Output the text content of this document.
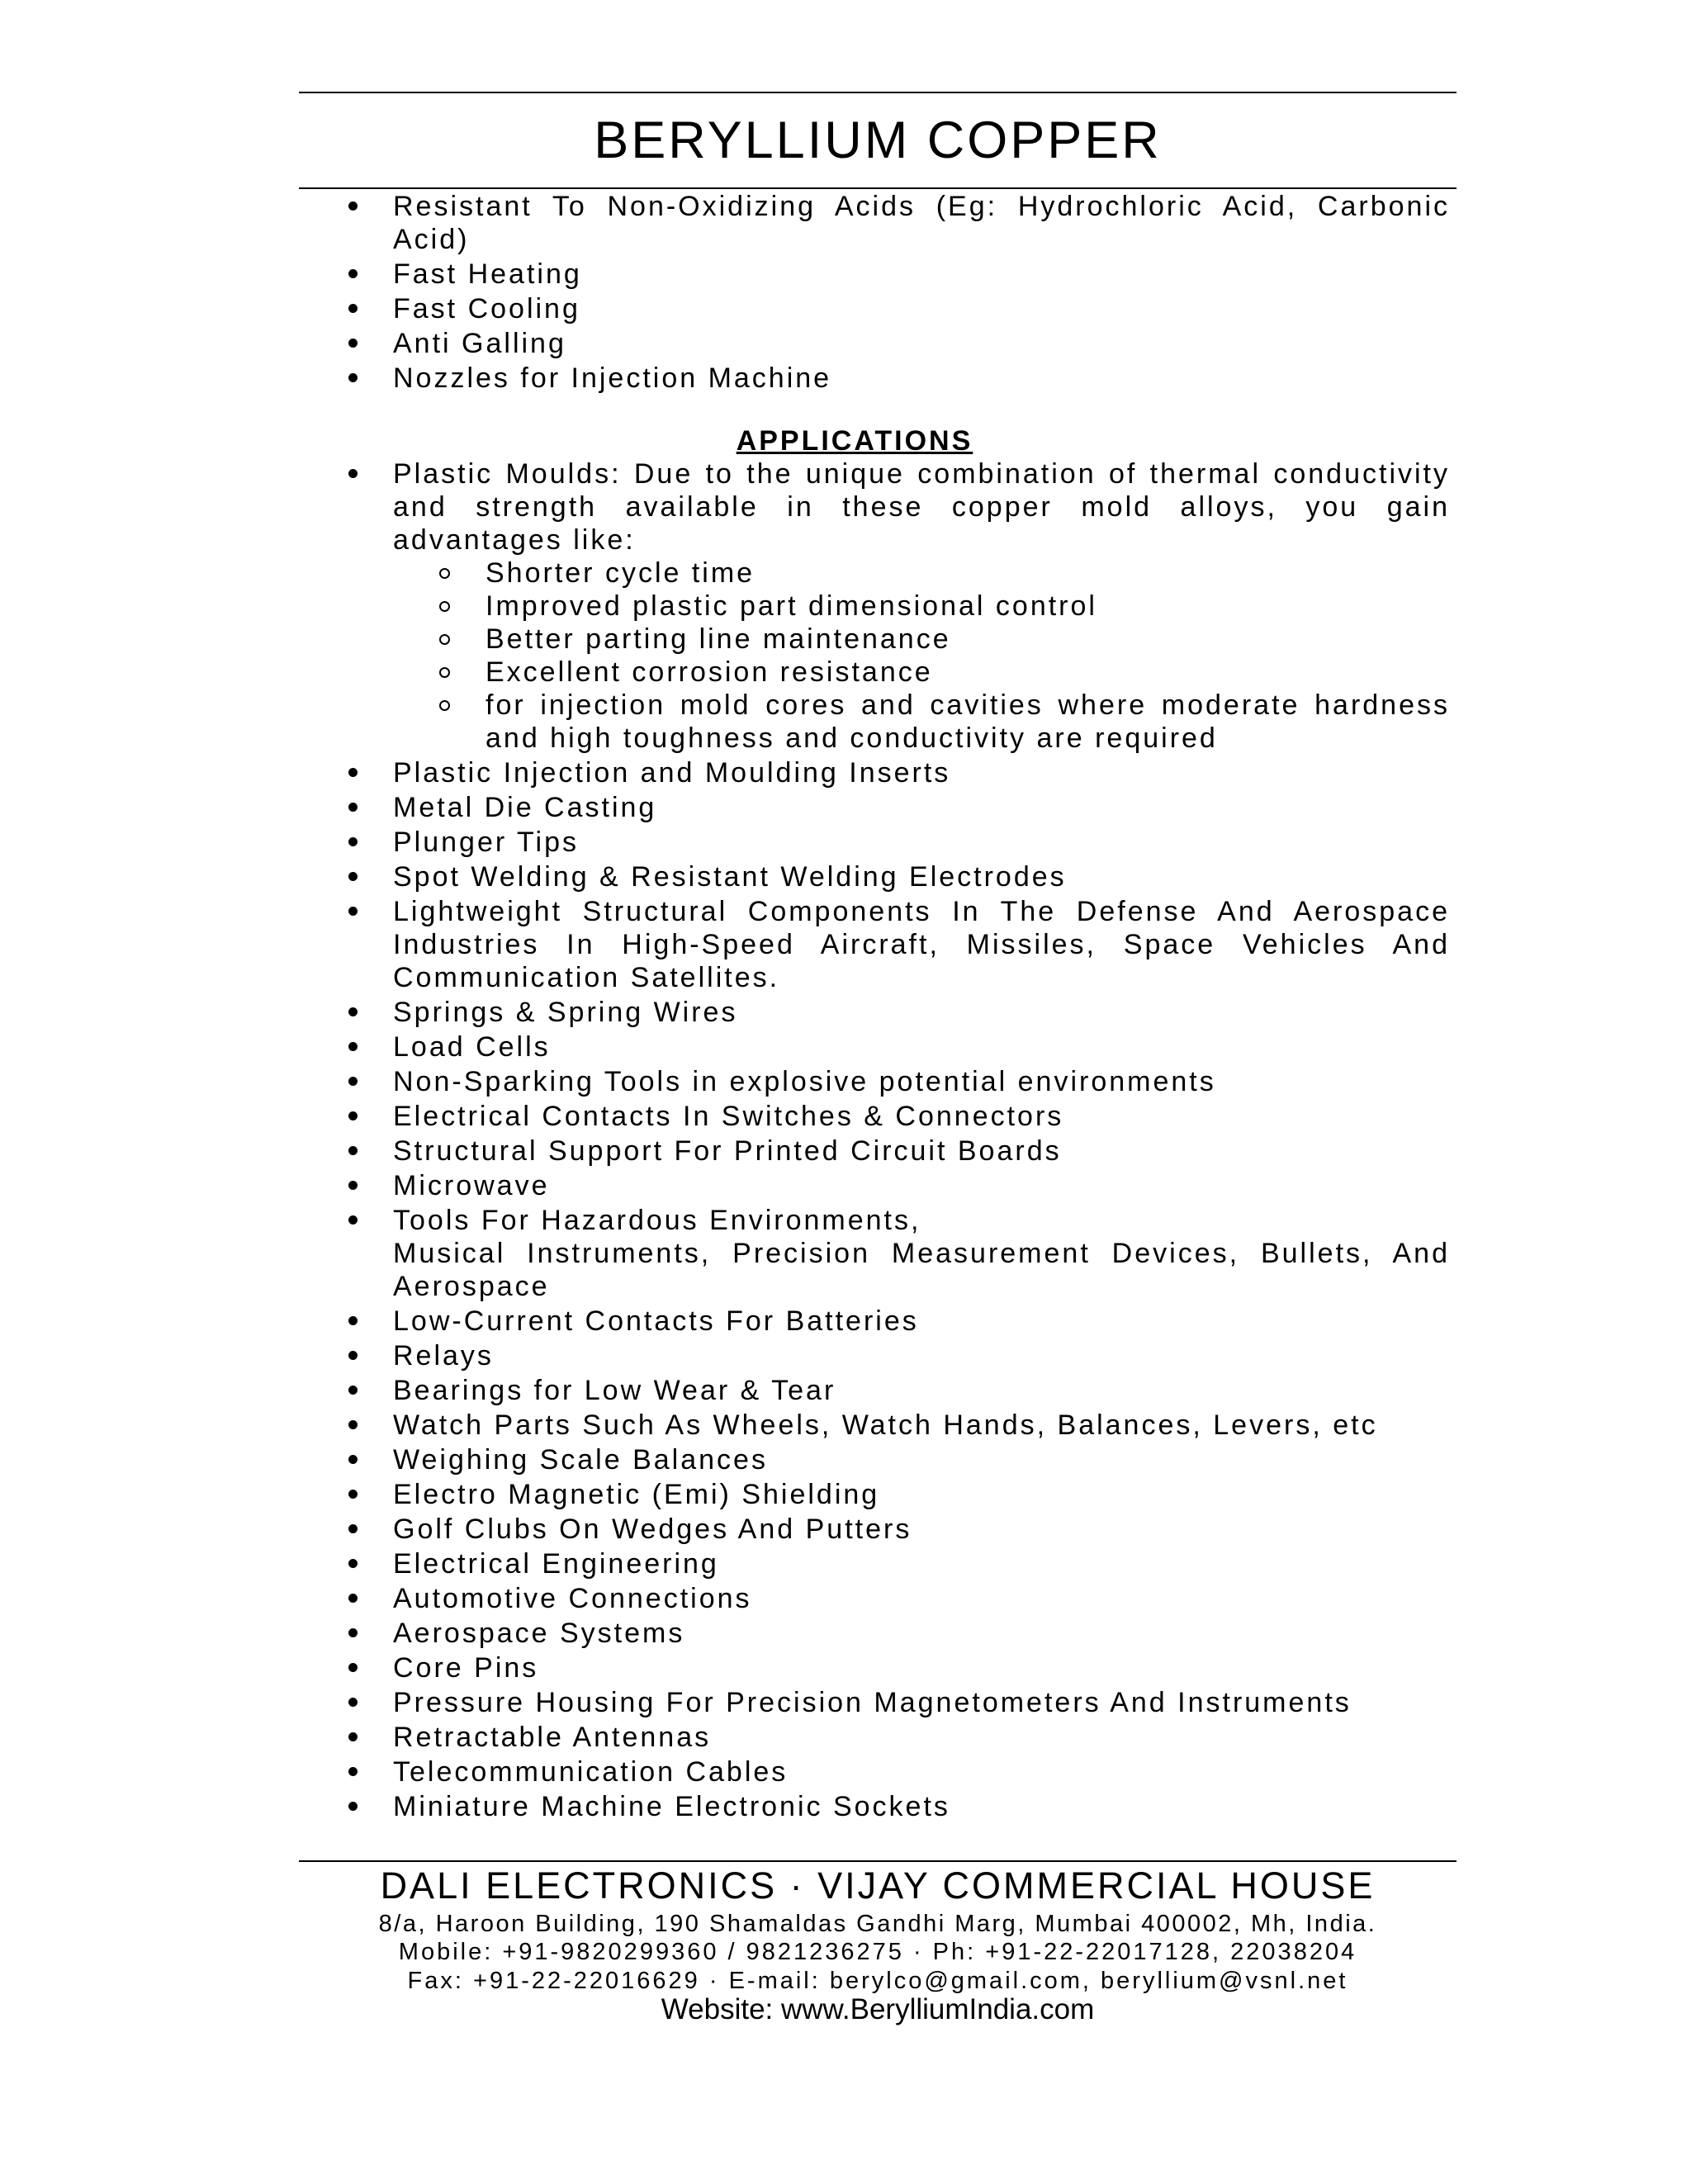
BERYLLIUM COPPER
Resistant To Non-Oxidizing Acids (Eg: Hydrochloric Acid, Carbonic Acid)
Fast Heating
Fast Cooling
Anti Galling
Nozzles for Injection Machine
APPLICATIONS
Plastic Moulds: Due to the unique combination of thermal conductivity and strength available in these copper mold alloys, you gain advantages like:
Shorter cycle time
Improved plastic part dimensional control
Better parting line maintenance
Excellent corrosion resistance
for injection mold cores and cavities where moderate hardness and high toughness and conductivity are required
Plastic Injection and Moulding Inserts
Metal Die Casting
Plunger Tips
Spot Welding & Resistant Welding Electrodes
Lightweight Structural Components In The Defense And Aerospace Industries In High-Speed Aircraft, Missiles, Space Vehicles And Communication Satellites.
Springs & Spring Wires
Load Cells
Non-Sparking Tools in explosive potential environments
Electrical Contacts In Switches & Connectors
Structural Support For Printed Circuit Boards
Microwave
Tools For Hazardous Environments,
Musical Instruments, Precision Measurement Devices, Bullets, And Aerospace
Low-Current Contacts For Batteries
Relays
Bearings for Low Wear & Tear
Watch Parts Such As Wheels, Watch Hands, Balances, Levers, etc
Weighing Scale Balances
Electro Magnetic (Emi) Shielding
Golf Clubs On Wedges And Putters
Electrical Engineering
Automotive Connections
Aerospace Systems
Core Pins
Pressure Housing For Precision Magnetometers And Instruments
Retractable Antennas
Telecommunication Cables
Miniature Machine Electronic Sockets
DALI ELECTRONICS · VIJAY COMMERCIAL HOUSE
8/a, Haroon Building, 190 Shamaldas Gandhi Marg, Mumbai 400002, Mh, India.
Mobile: +91-9820299360 / 9821236275 · Ph: +91-22-22017128, 22038204
Fax: +91-22-22016629 · E-mail: berylco@gmail.com, beryllium@vsnl.net
Website: www.BerylliumIndia.com
